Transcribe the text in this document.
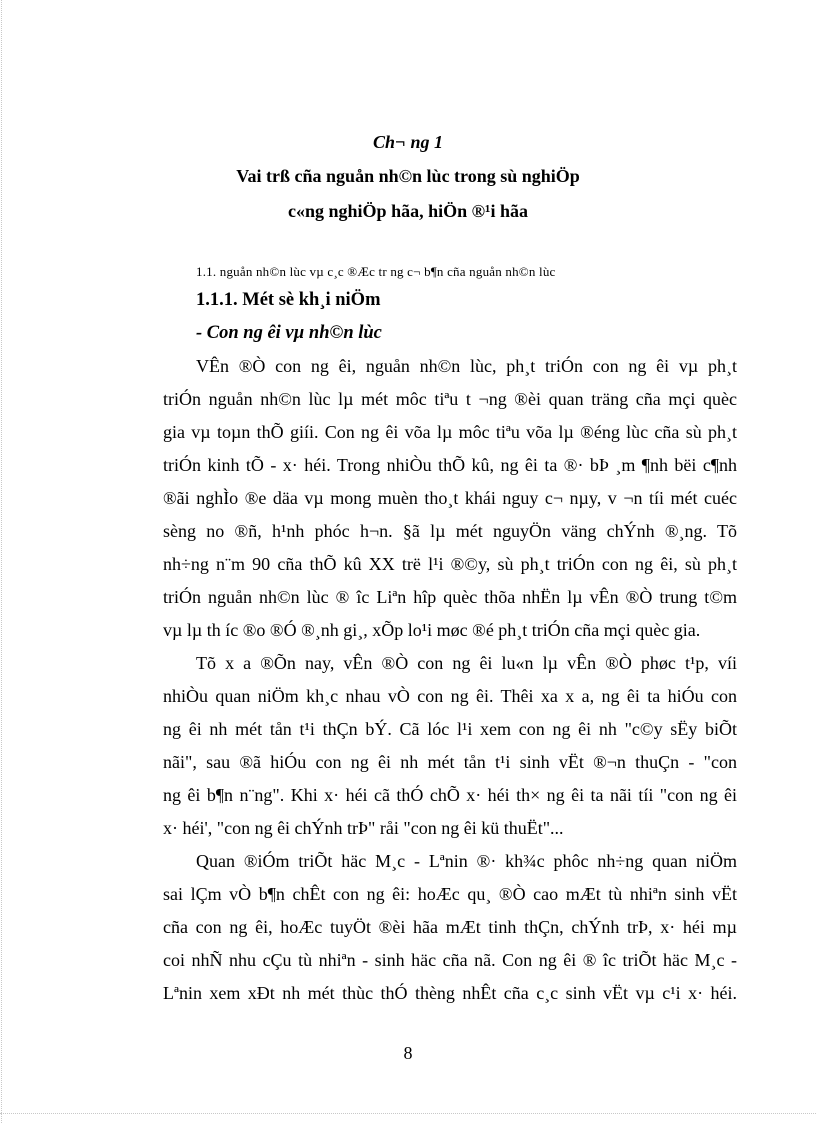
Ch¬ ng 1
Vai trß cña nguån nh©n lùc trong sù nghiÖp
c«ng nghiÖp hãa, hiÖn ®¹i hãa
1.1. nguån nh©n lùc vµ c¸c ®Æc tr ng c¬ b¶n cña nguån nh©n lùc
1.1.1. Mét sè kh¸i niÖm
- Con ng êi vµ nh©n lùc
VÊn ®Ò con ng êi, nguån nh©n lùc, ph¸t triÓn con ng êi vµ ph¸t
triÓn nguån nh©n lùc lµ mét môc tiªu t ¬ng ®èi quan träng cña mçi quèc
gia vµ toµn thÕ giíi. Con ng êi võa lµ môc tiªu võa lµ ®éng lùc cña sù ph¸t
triÓn kinh tÕ - x· héi. Trong nhiÒu thÕ kû, ng êi ta ®· bÞ ¸m ¶nh bëi c¶nh
®ãi nghÌo ®e däa vµ mong muèn tho¸t khái nguy c¬ nµy, v ¬n tíi mét cuéc
sèng no ®ñ, h¹nh phóc h¬n. §ã lµ mét nguyÖn väng chÝnh ®¸ng. Tõ
nh÷ng n¨m 90 cña thÕ kû XX trë l¹i ®©y, sù ph¸t triÓn con ng êi, sù ph¸t
triÓn nguån nh©n lùc ® îc Liªn hîp quèc thõa nhËn lµ vÊn ®Ò trung t©m
vµ lµ th íc ®o ®Ó ®¸nh gi¸, xÕp lo¹i møc ®é ph¸t triÓn cña mçi quèc gia.
Tõ x a ®Õn nay, vÊn ®Ò con ng êi lu«n lµ vÊn ®Ò phøc t¹p, víi
nhiÒu quan niÖm kh¸c nhau vÒ con ng êi. Thêi xa x a, ng êi ta hiÓu con
ng êi nh mét tån t¹i thÇn bÝ. Cã lóc l¹i xem con ng êi nh "c©y sËy biÕt
nãi", sau ®ã hiÓu con ng êi nh mét tån t¹i sinh vËt ®¬n thuÇn - "con
ng êi b¶n n¨ng". Khi x· héi cã thÓ chÕ x· héi th× ng êi ta nãi tíi "con ng êi
x· héi', "con ng êi chÝnh trÞ" råi "con ng êi kü thuËt"...
Quan ®iÓm triÕt häc M¸c - Lªnin ®· kh¾c phôc nh÷ng quan niÖm
sai lÇm vÒ b¶n chÊt con ng êi: hoÆc qu¸ ®Ò cao mÆt tù nhiªn sinh vËt
cña con ng êi, hoÆc tuyÖt ®èi hãa mÆt tinh thÇn, chÝnh trÞ, x· héi mµ
coi nhÑ nhu cÇu tù nhiªn - sinh häc cña nã. Con ng êi ® îc triÕt häc M¸c -
Lªnin xem xÐt nh mét thùc thÓ thèng nhÊt cña c¸c sinh vËt vµ c¹i x· héi.
8
